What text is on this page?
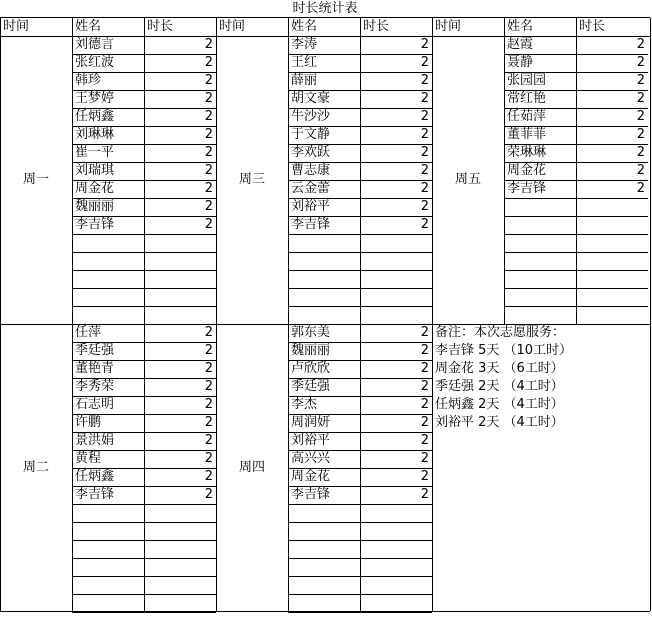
时长统计表
时间	姓名	时长	时间	姓名	时长	时间	姓名	时长
周一
刘德言	2
张红波	2
韩珍	2
王梦婷	2
任炳鑫	2
刘琳琳	2
崔一平	2
刘瑞琪	2
周金花	2
魏丽丽	2
李吉锋	2
周三
李涛	2
王红	2
薛丽	2
胡文豪	2
牛沙沙	2
于文静	2
李欢跃	2
曹志康	2
云金蕾	2
刘裕平	2
李吉锋	2
周五
赵霞	2
聂静	2
张园园	2
常红艳	2
任茹萍	2
董菲菲	2
荣琳琳	2
周金花	2
李吉锋	2
周二
任萍	2
季廷强	2
董艳青	2
李秀荣	2
石志明	2
许鹏	2
景洪娟	2
黄程	2
任炳鑫	2
李吉锋	2
周四
郭东美	2
魏丽丽	2
卢欣欣	2
季廷强	2
李杰	2
周润妍	2
刘裕平	2
高兴兴	2
周金花	2
李吉锋	2
备注：本次志愿服务：
李吉锋 5天 （10工时）
周金花 3天 （6工时）
季廷强 2天 （4工时）
任炳鑫 2天 （4工时）
刘裕平 2天 （4工时）
